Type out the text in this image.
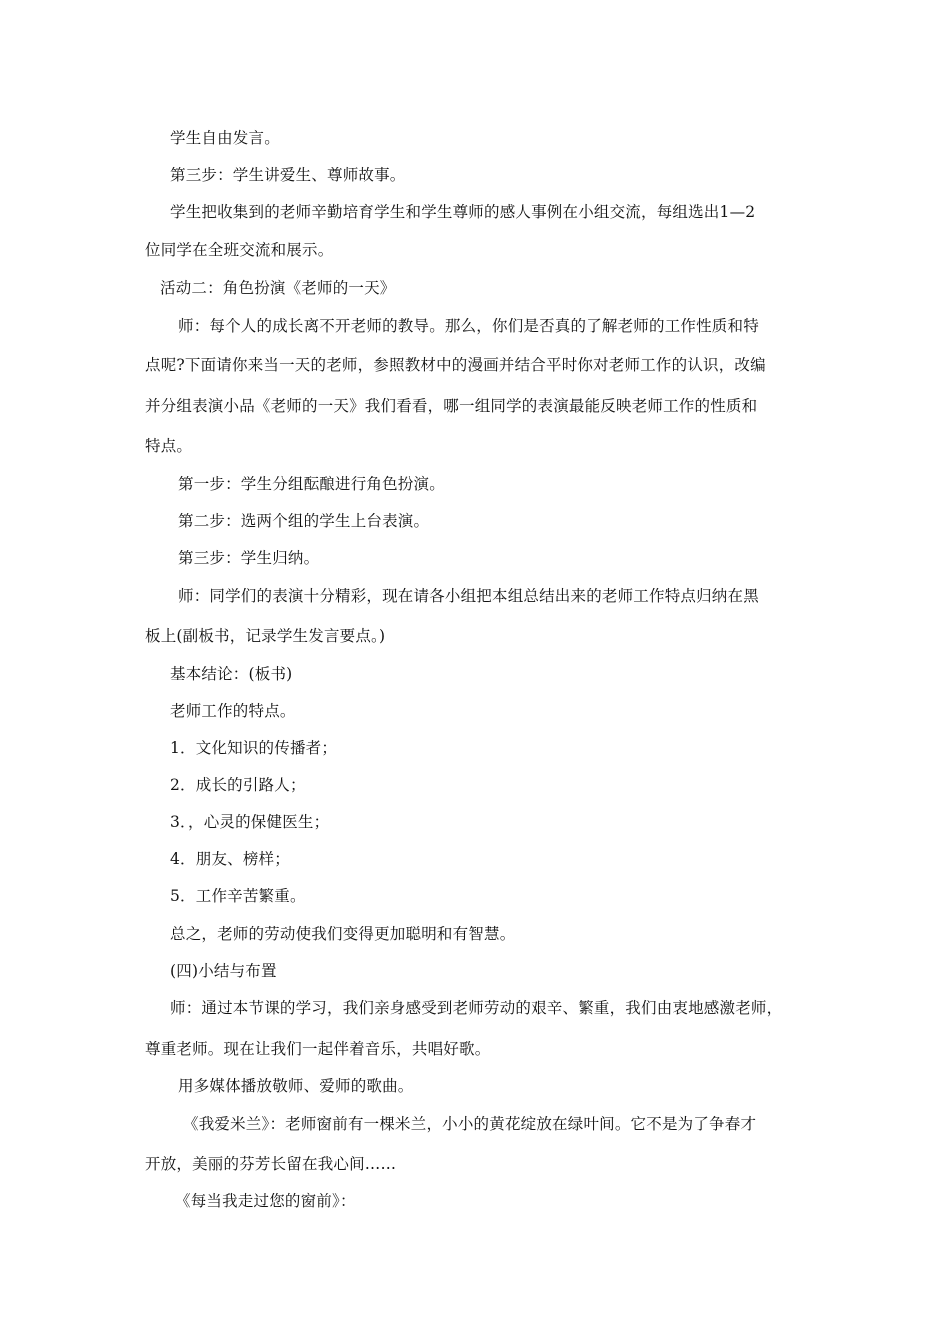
学生自由发言。
第三步：学生讲爱生、尊师故事。
学生把收集到的老师辛勤培育学生和学生尊师的感人事例在小组交流，每组选出1—2
位同学在全班交流和展示。
活动二：角色扮演《老师的一天》
师：每个人的成长离不开老师的教导。那么，你们是否真的了解老师的工作性质和特
点呢?下面请你来当一天的老师，参照教材中的漫画并结合平时你对老师工作的认识，改编
并分组表演小品《老师的一天》我们看看，哪一组同学的表演最能反映老师工作的性质和
特点。
第一步：学生分组酝酿进行角色扮演。
第二步：选两个组的学生上台表演。
第三步：学生归纳。
师：同学们的表演十分精彩，现在请各小组把本组总结出来的老师工作特点归纳在黑
板上(副板书，记录学生发言要点。)
基本结论：(板书)
老师工作的特点。
1．文化知识的传播者；
2．成长的引路人；
3．，心灵的保健医生；
4．朋友、榜样；
5．工作辛苦繁重。
总之，老师的劳动使我们变得更加聪明和有智慧。
(四)小结与布置
师：通过本节课的学习，我们亲身感受到老师劳动的艰辛、繁重，我们由衷地感激老师，
尊重老师。现在让我们一起伴着音乐，共唱好歌。
用多媒体播放敬师、爱师的歌曲。
《我爱米兰》：老师窗前有一棵米兰，小小的黄花绽放在绿叶间。它不是为了争春才
开放，美丽的芬芳长留在我心间……
《每当我走过您的窗前》：
